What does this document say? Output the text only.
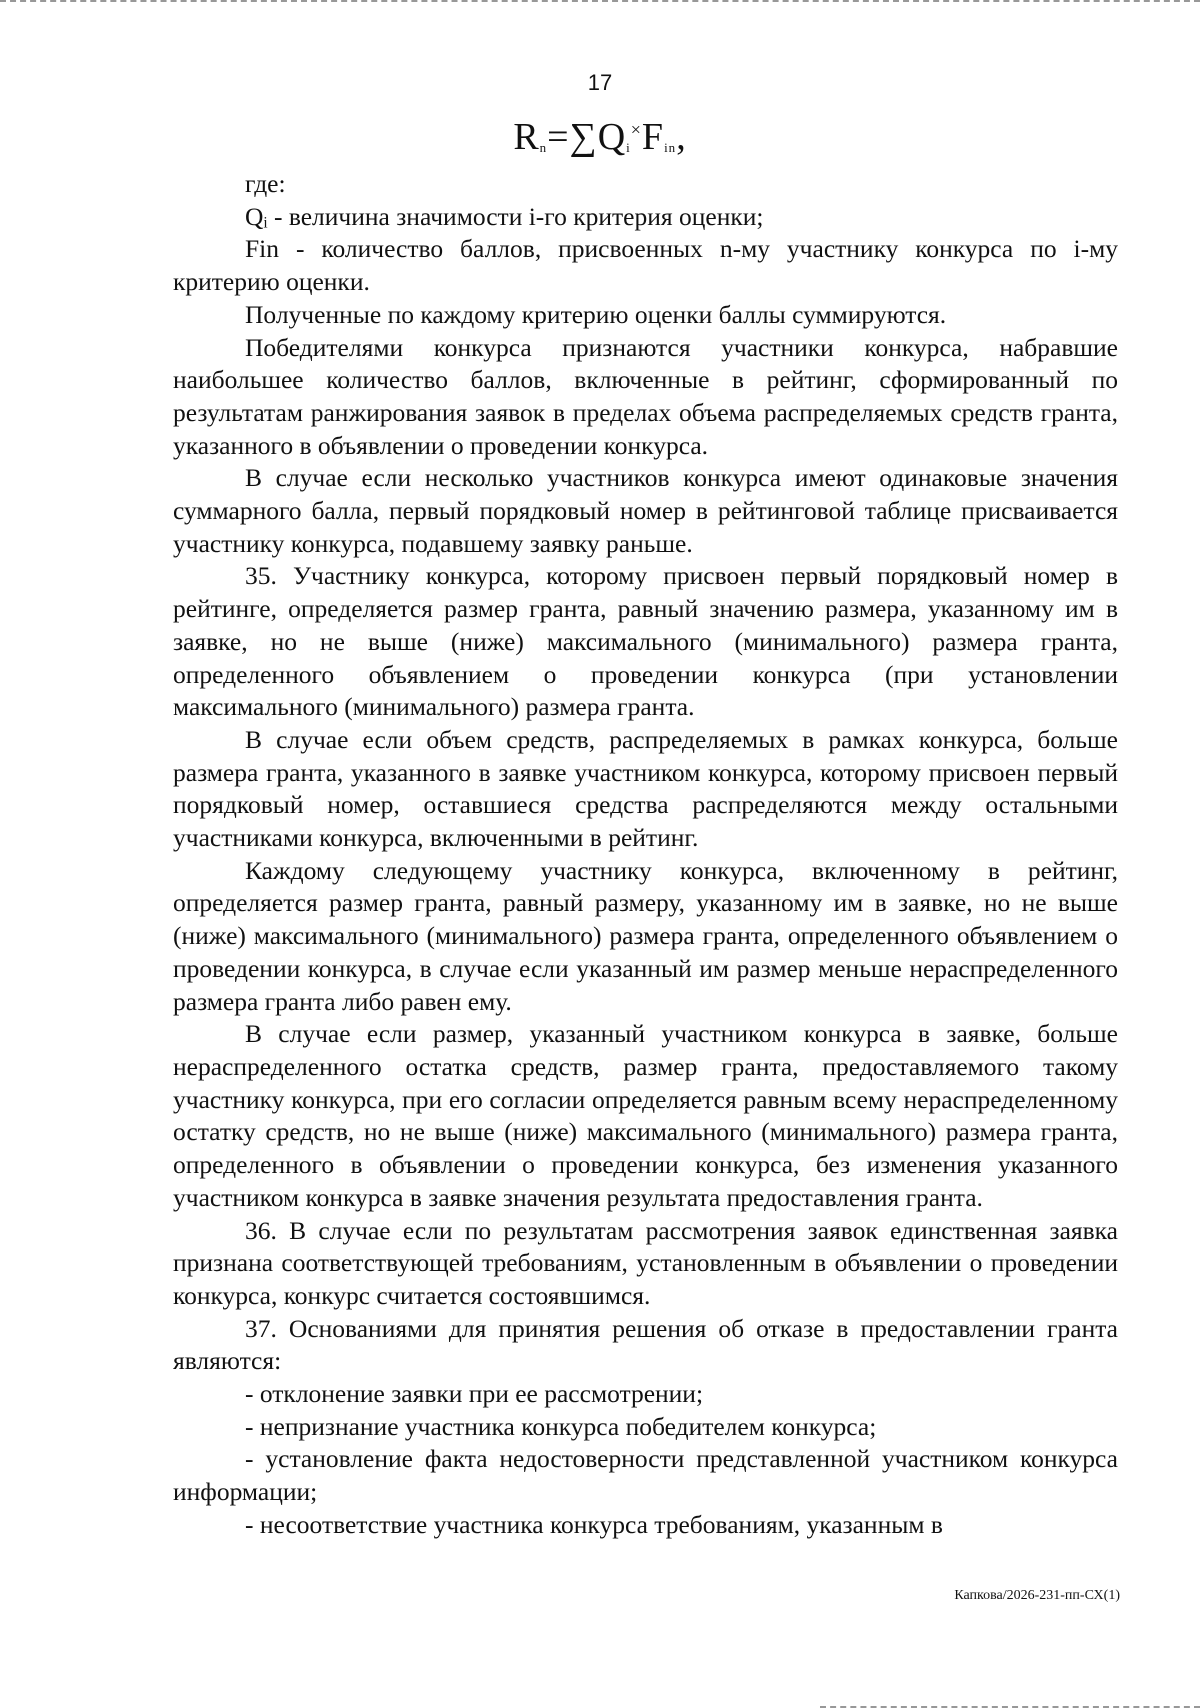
17
$R_n=\sum Q_i^\times F_{in}$,

где:

Qᵢ - величина значимости i-го критерия оценки;

Fin - количество баллов, присвоенных n-му участнику конкурса по i-му критерию оценки.

Полученные по каждому критерию оценки баллы суммируются.

Победителями конкурса признаются участники конкурса, набравшие наибольшее количество баллов, включенные в рейтинг, сформированный по результатам ранжирования заявок в пределах объема распределяемых средств гранта, указанного в объявлении о проведении конкурса.

В случае если несколько участников конкурса имеют одинаковые значения суммарного балла, первый порядковый номер в рейтинговой таблице присваивается участнику конкурса, подавшему заявку раньше.

35. Участнику конкурса, которому присвоен первый порядковый номер в рейтинге, определяется размер гранта, равный значению размера, указанному им в заявке, но не выше (ниже) максимального (минимального) размера гранта, определенного объявлением о проведении конкурса (при установлении максимального (минимального) размера гранта.

В случае если объем средств, распределяемых в рамках конкурса, больше размера гранта, указанного в заявке участником конкурса, которому присвоен первый порядковый номер, оставшиеся средства распределяются между остальными участниками конкурса, включенными в рейтинг.

Каждому следующему участнику конкурса, включенному в рейтинг, определяется размер гранта, равный размеру, указанному им в заявке, но не выше (ниже) максимального (минимального) размера гранта, определенного объявлением о проведении конкурса, в случае если указанный им размер меньше нераспределенного размера гранта либо равен ему.

В случае если размер, указанный участником конкурса в заявке, больше нераспределенного остатка средств, размер гранта, предоставляемого такому участнику конкурса, при его согласии определяется равным всему нераспределенному остатку средств, но не выше (ниже) максимального (минимального) размера гранта, определенного в объявлении о проведении конкурса, без изменения указанного участником конкурса в заявке значения результата предоставления гранта.

36. В случае если по результатам рассмотрения заявок единственная заявка признана соответствующей требованиям, установленным в объявлении о проведении конкурса, конкурс считается состоявшимся.

37. Основаниями для принятия решения об отказе в предоставлении гранта являются:

- отклонение заявки при ее рассмотрении;

- непризнание участника конкурса победителем конкурса;

- установление факта недостоверности представленной участником конкурса информации;

- несоответствие участника конкурса требованиям, указанным в

Капкова/2026-231-пп-СХ(1)
